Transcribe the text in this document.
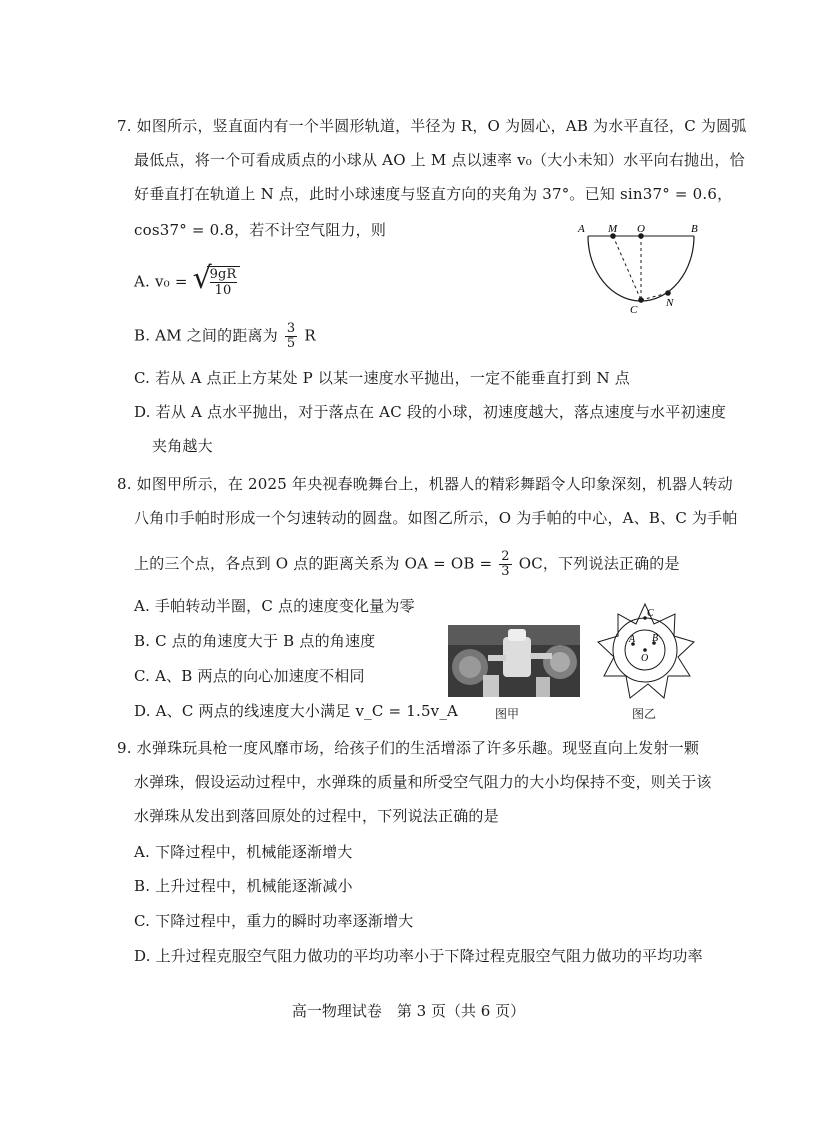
7. 如图所示，竖直面内有一个半圆形轨道，半径为 R，O 为圆心，AB 为水平直径，C 为圆弧
最低点，将一个可看成质点的小球从 AO 上 M 点以速率 v₀（大小未知）水平向右抛出，恰
好垂直打在轨道上 N 点，此时小球速度与竖直方向的夹角为 37°。已知 sin37° = 0.6，
cos37° = 0.8，若不计空气阻力，则
A. v₀ = √
$\frac{9gR}{10}$
B. AM 之间的距离为 $\frac{3}{5}$ R
C. 若从 A 点正上方某处 P 以某一速度水平抛出，一定不能垂直打到 N 点
D. 若从 A 点水平抛出，对于落点在 AC 段的小球，初速度越大，落点速度与水平初速度
夹角越大
A M O	B
C
N
8. 如图甲所示，在 2025 年央视春晚舞台上，机器人的精彩舞蹈令人印象深刻，机器人转动
八角巾手帕时形成一个匀速转动的圆盘。如图乙所示，O 为手帕的中心，A、B、C 为手帕
上的三个点，各点到 O 点的距离关系为 OA = OB = $\frac{2}{3}$ OC，下列说法正确的是
A. 手帕转动半圈，C 点的速度变化量为零
B. C 点的角速度大于 B 点的角速度
C. A、B 两点的向心加速度不相同
D. A、C 两点的线速度大小满足 v_C = 1.5v_A	图甲
A B
C
O
图乙
9. 水弹珠玩具枪一度风靡市场，给孩子们的生活增添了许多乐趣。现竖直向上发射一颗
水弹珠，假设运动过程中，水弹珠的质量和所受空气阻力的大小均保持不变，则关于该
水弹珠从发出到落回原处的过程中，下列说法正确的是
A. 下降过程中，机械能逐渐增大
B. 上升过程中，机械能逐渐减小
C. 下降过程中，重力的瞬时功率逐渐增大
D. 上升过程克服空气阻力做功的平均功率小于下降过程克服空气阻力做功的平均功率
高一物理试卷　第 3 页（共 6 页）
